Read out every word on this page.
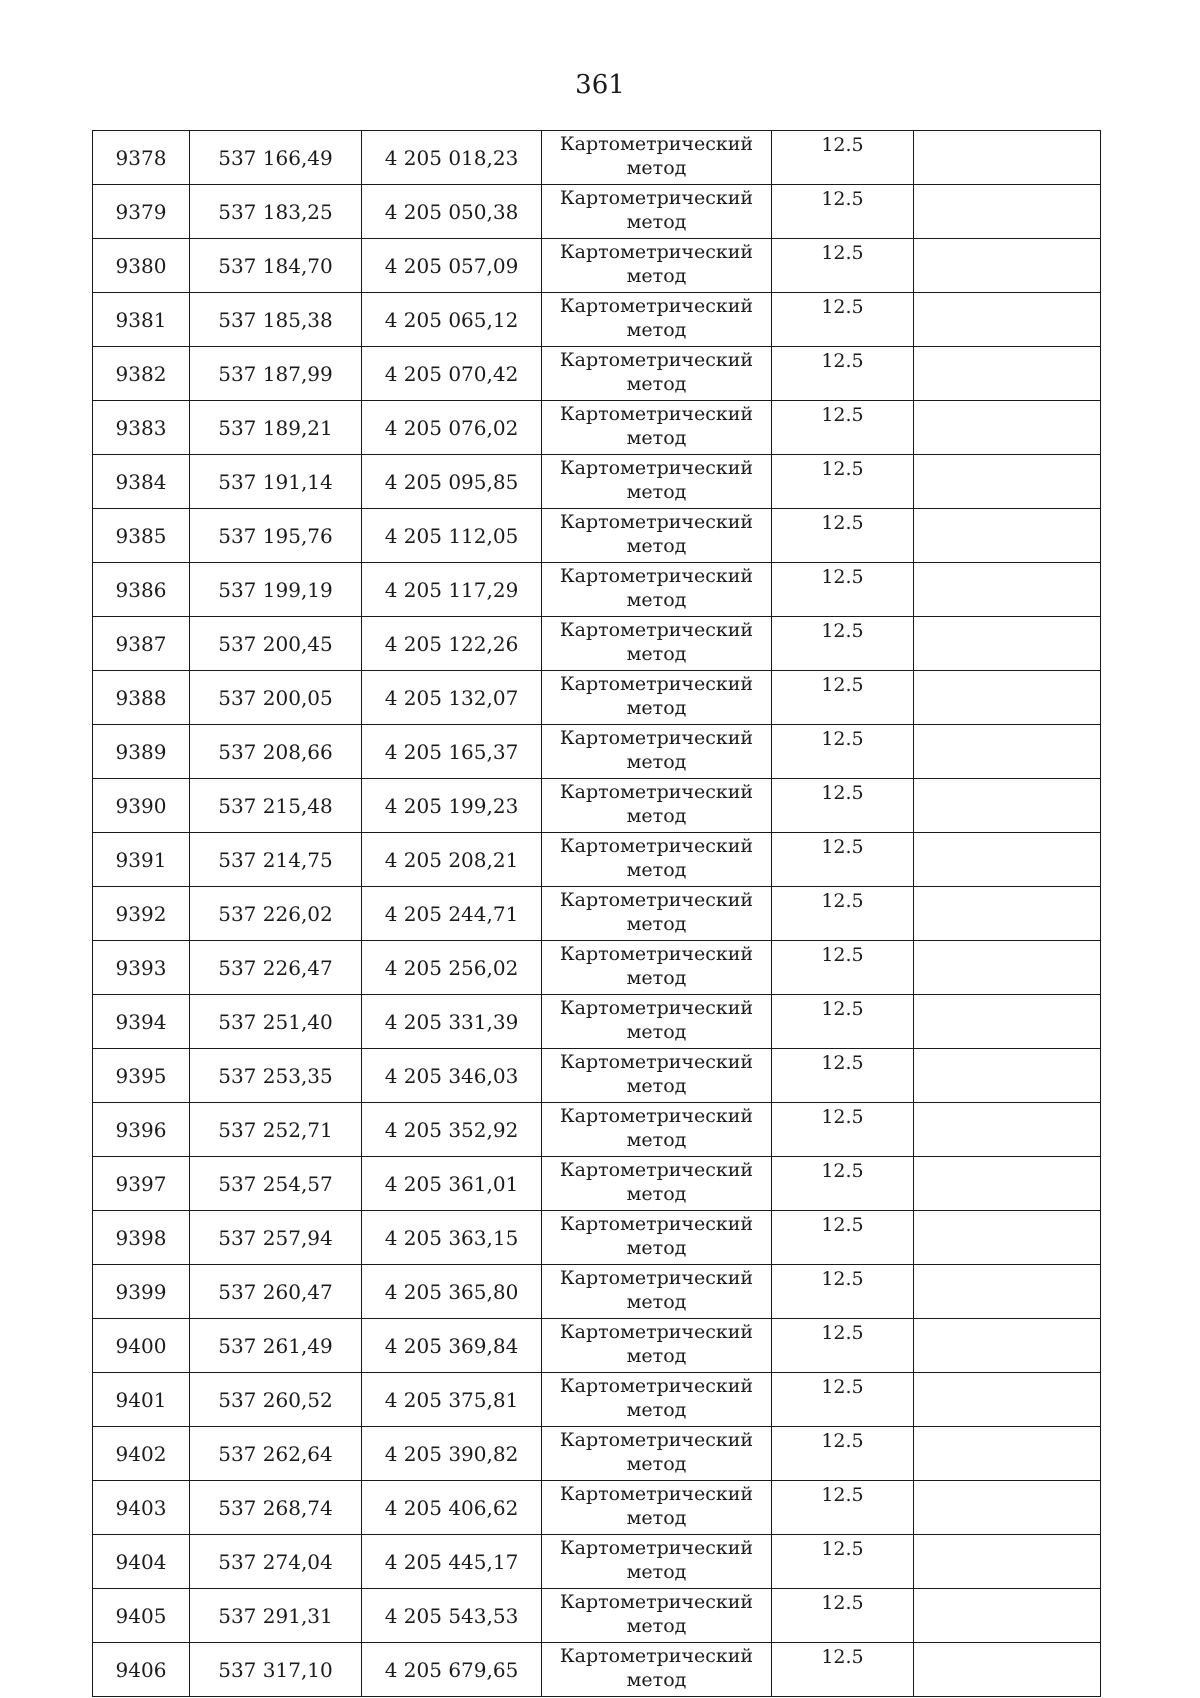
361
9378	537 166,49	4 205 018,23	Картометрический
метод	12.5	
9379	537 183,25	4 205 050,38	Картометрический
метод	12.5	
9380	537 184,70	4 205 057,09	Картометрический
метод	12.5	
9381	537 185,38	4 205 065,12	Картометрический
метод	12.5	
9382	537 187,99	4 205 070,42	Картометрический
метод	12.5	
9383	537 189,21	4 205 076,02	Картометрический
метод	12.5	
9384	537 191,14	4 205 095,85	Картометрический
метод	12.5	
9385	537 195,76	4 205 112,05	Картометрический
метод	12.5	
9386	537 199,19	4 205 117,29	Картометрический
метод	12.5	
9387	537 200,45	4 205 122,26	Картометрический
метод	12.5	
9388	537 200,05	4 205 132,07	Картометрический
метод	12.5	
9389	537 208,66	4 205 165,37	Картометрический
метод	12.5	
9390	537 215,48	4 205 199,23	Картометрический
метод	12.5	
9391	537 214,75	4 205 208,21	Картометрический
метод	12.5	
9392	537 226,02	4 205 244,71	Картометрический
метод	12.5	
9393	537 226,47	4 205 256,02	Картометрический
метод	12.5	
9394	537 251,40	4 205 331,39	Картометрический
метод	12.5	
9395	537 253,35	4 205 346,03	Картометрический
метод	12.5	
9396	537 252,71	4 205 352,92	Картометрический
метод	12.5	
9397	537 254,57	4 205 361,01	Картометрический
метод	12.5	
9398	537 257,94	4 205 363,15	Картометрический
метод	12.5	
9399	537 260,47	4 205 365,80	Картометрический
метод	12.5	
9400	537 261,49	4 205 369,84	Картометрический
метод	12.5	
9401	537 260,52	4 205 375,81	Картометрический
метод	12.5	
9402	537 262,64	4 205 390,82	Картометрический
метод	12.5	
9403	537 268,74	4 205 406,62	Картометрический
метод	12.5	
9404	537 274,04	4 205 445,17	Картометрический
метод	12.5	
9405	537 291,31	4 205 543,53	Картометрический
метод	12.5	
9406	537 317,10	4 205 679,65	Картометрический
метод	12.5	
